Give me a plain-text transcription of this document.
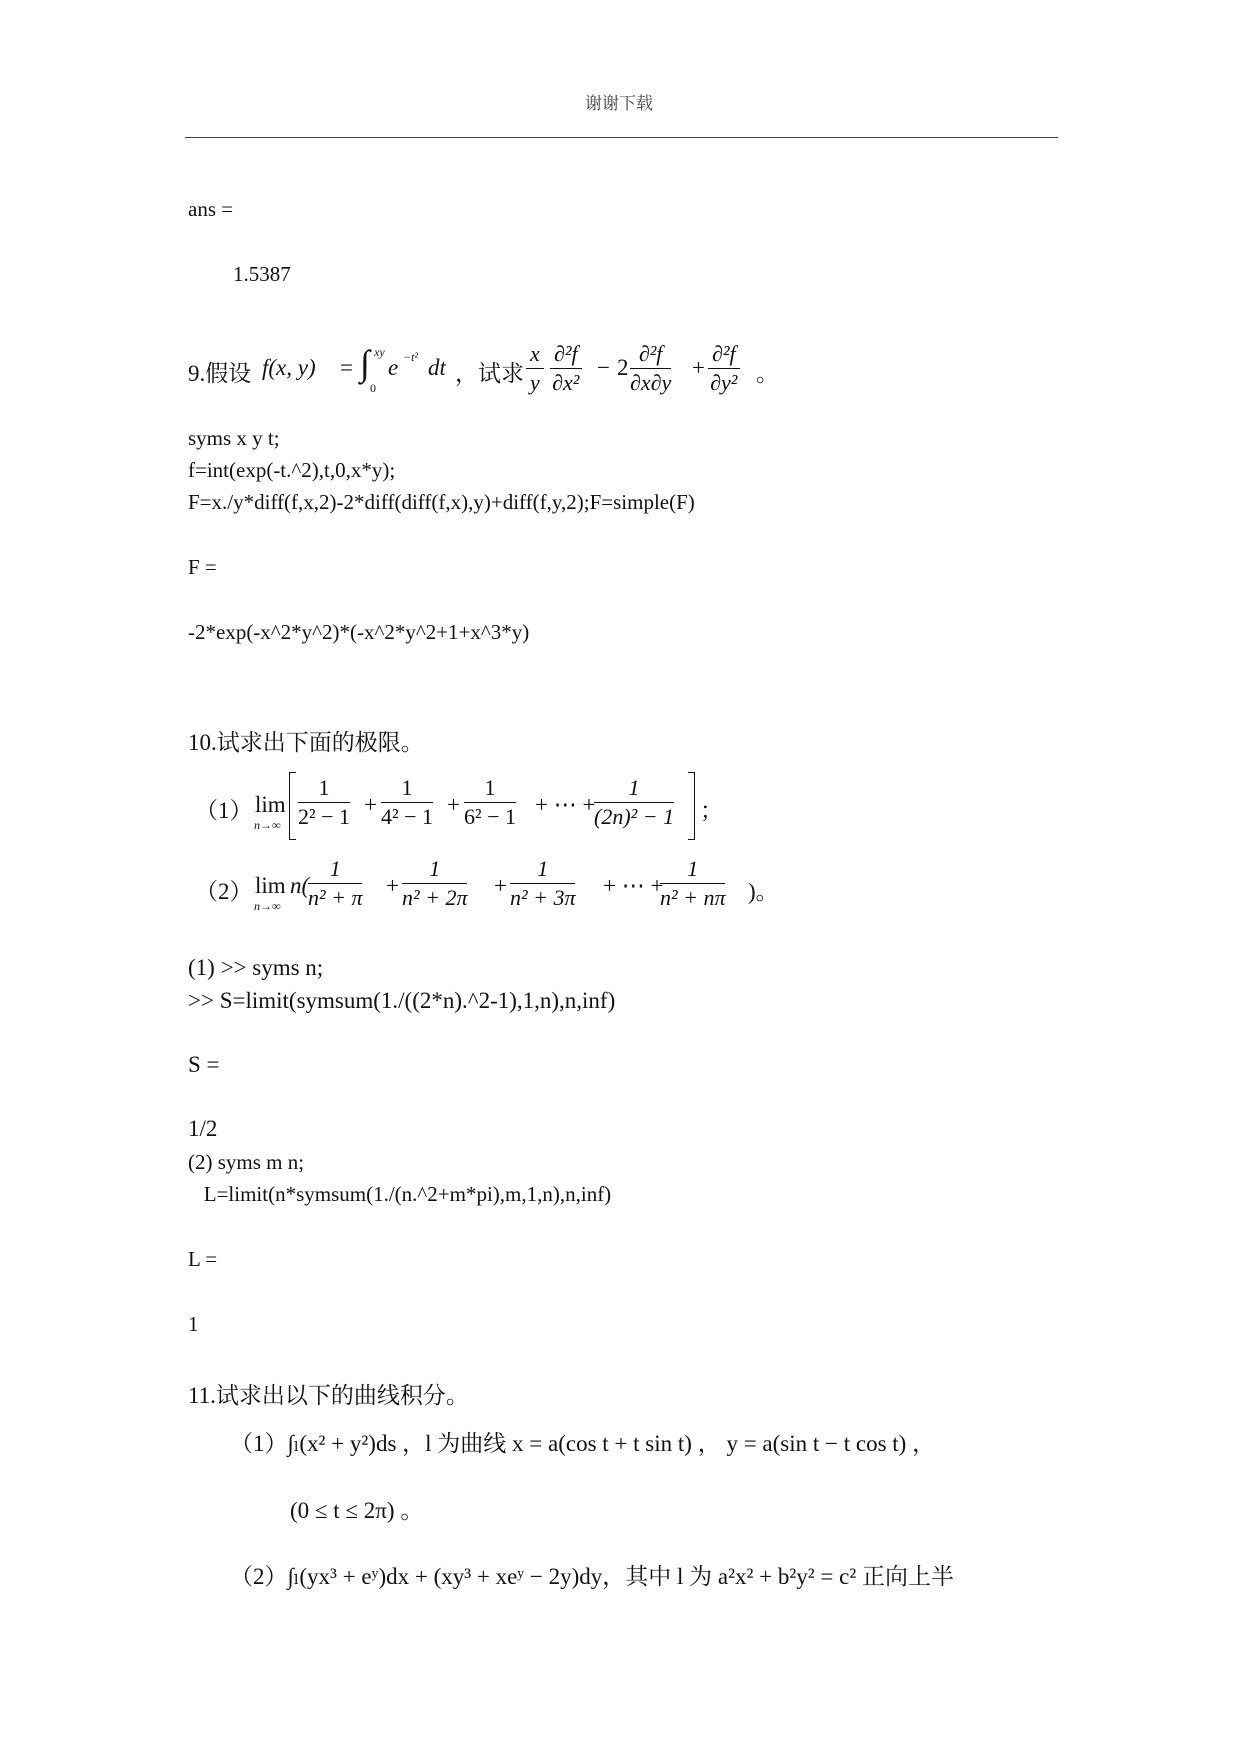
谢谢下载
ans =
1.5387
9.假设 f(x, y) = ∫ xy
0
e −t² dt ，试求 $\frac{x}{y} \frac{\text{∂²f}}{\text{∂x²}} - 2 \frac{\text{∂²f}}{\partial x\partial y} + \frac{\text{∂²f}}{\text{∂y²}}$ 。
syms x y t;
f=int(exp(-t.^2),t,0,x*y);
F=x./y*diff(f,x,2)-2*diff(diff(f,x),y)+diff(f,y,2);F=simple(F)
F =
-2*exp(-x^2*y^2)*(-x^2*y^2+1+x^3*y)
10.试求出下面的极限。
（1） lim
$n\to\infty \frac{1}{\text{2² − 1}} + \frac{1}{\text{4² − 1}} + \frac{1}{\text{6² − 1}}$ + ⋯ +
$\frac{1}{\text{(2n)² − 1}}$ ；
（2） lim
n→∞
n(
$\frac{1}{\text{n² + π}} + \frac{1}{\text{n² + 2π}} + \frac{1}{\text{n² + 3π}}$ + ⋯ +
$\frac{1}{\text{n² + nπ}}$ )。
(1) >> syms n;
>> S=limit(symsum(1./((2*n).^2-1),1,n),n,inf)
S =
1/2
(2) syms m n;
L=limit(n*symsum(1./(n.^2+m*pi),m,1,n),n,inf)
L =
1
11.试求出以下的曲线积分。
（1）∫ₗ(x² + y²)ds ，l 为曲线 x = a(cos t + t sin t) ， y = a(sin t − t cos t) ，
(0 ≤ t ≤ 2π) 。
（2）∫ₗ(yx³ + eʸ)dx + (xy³ + xeʸ − 2y)dy，其中 l 为 a²x² + b²y² = c² 正向上半
